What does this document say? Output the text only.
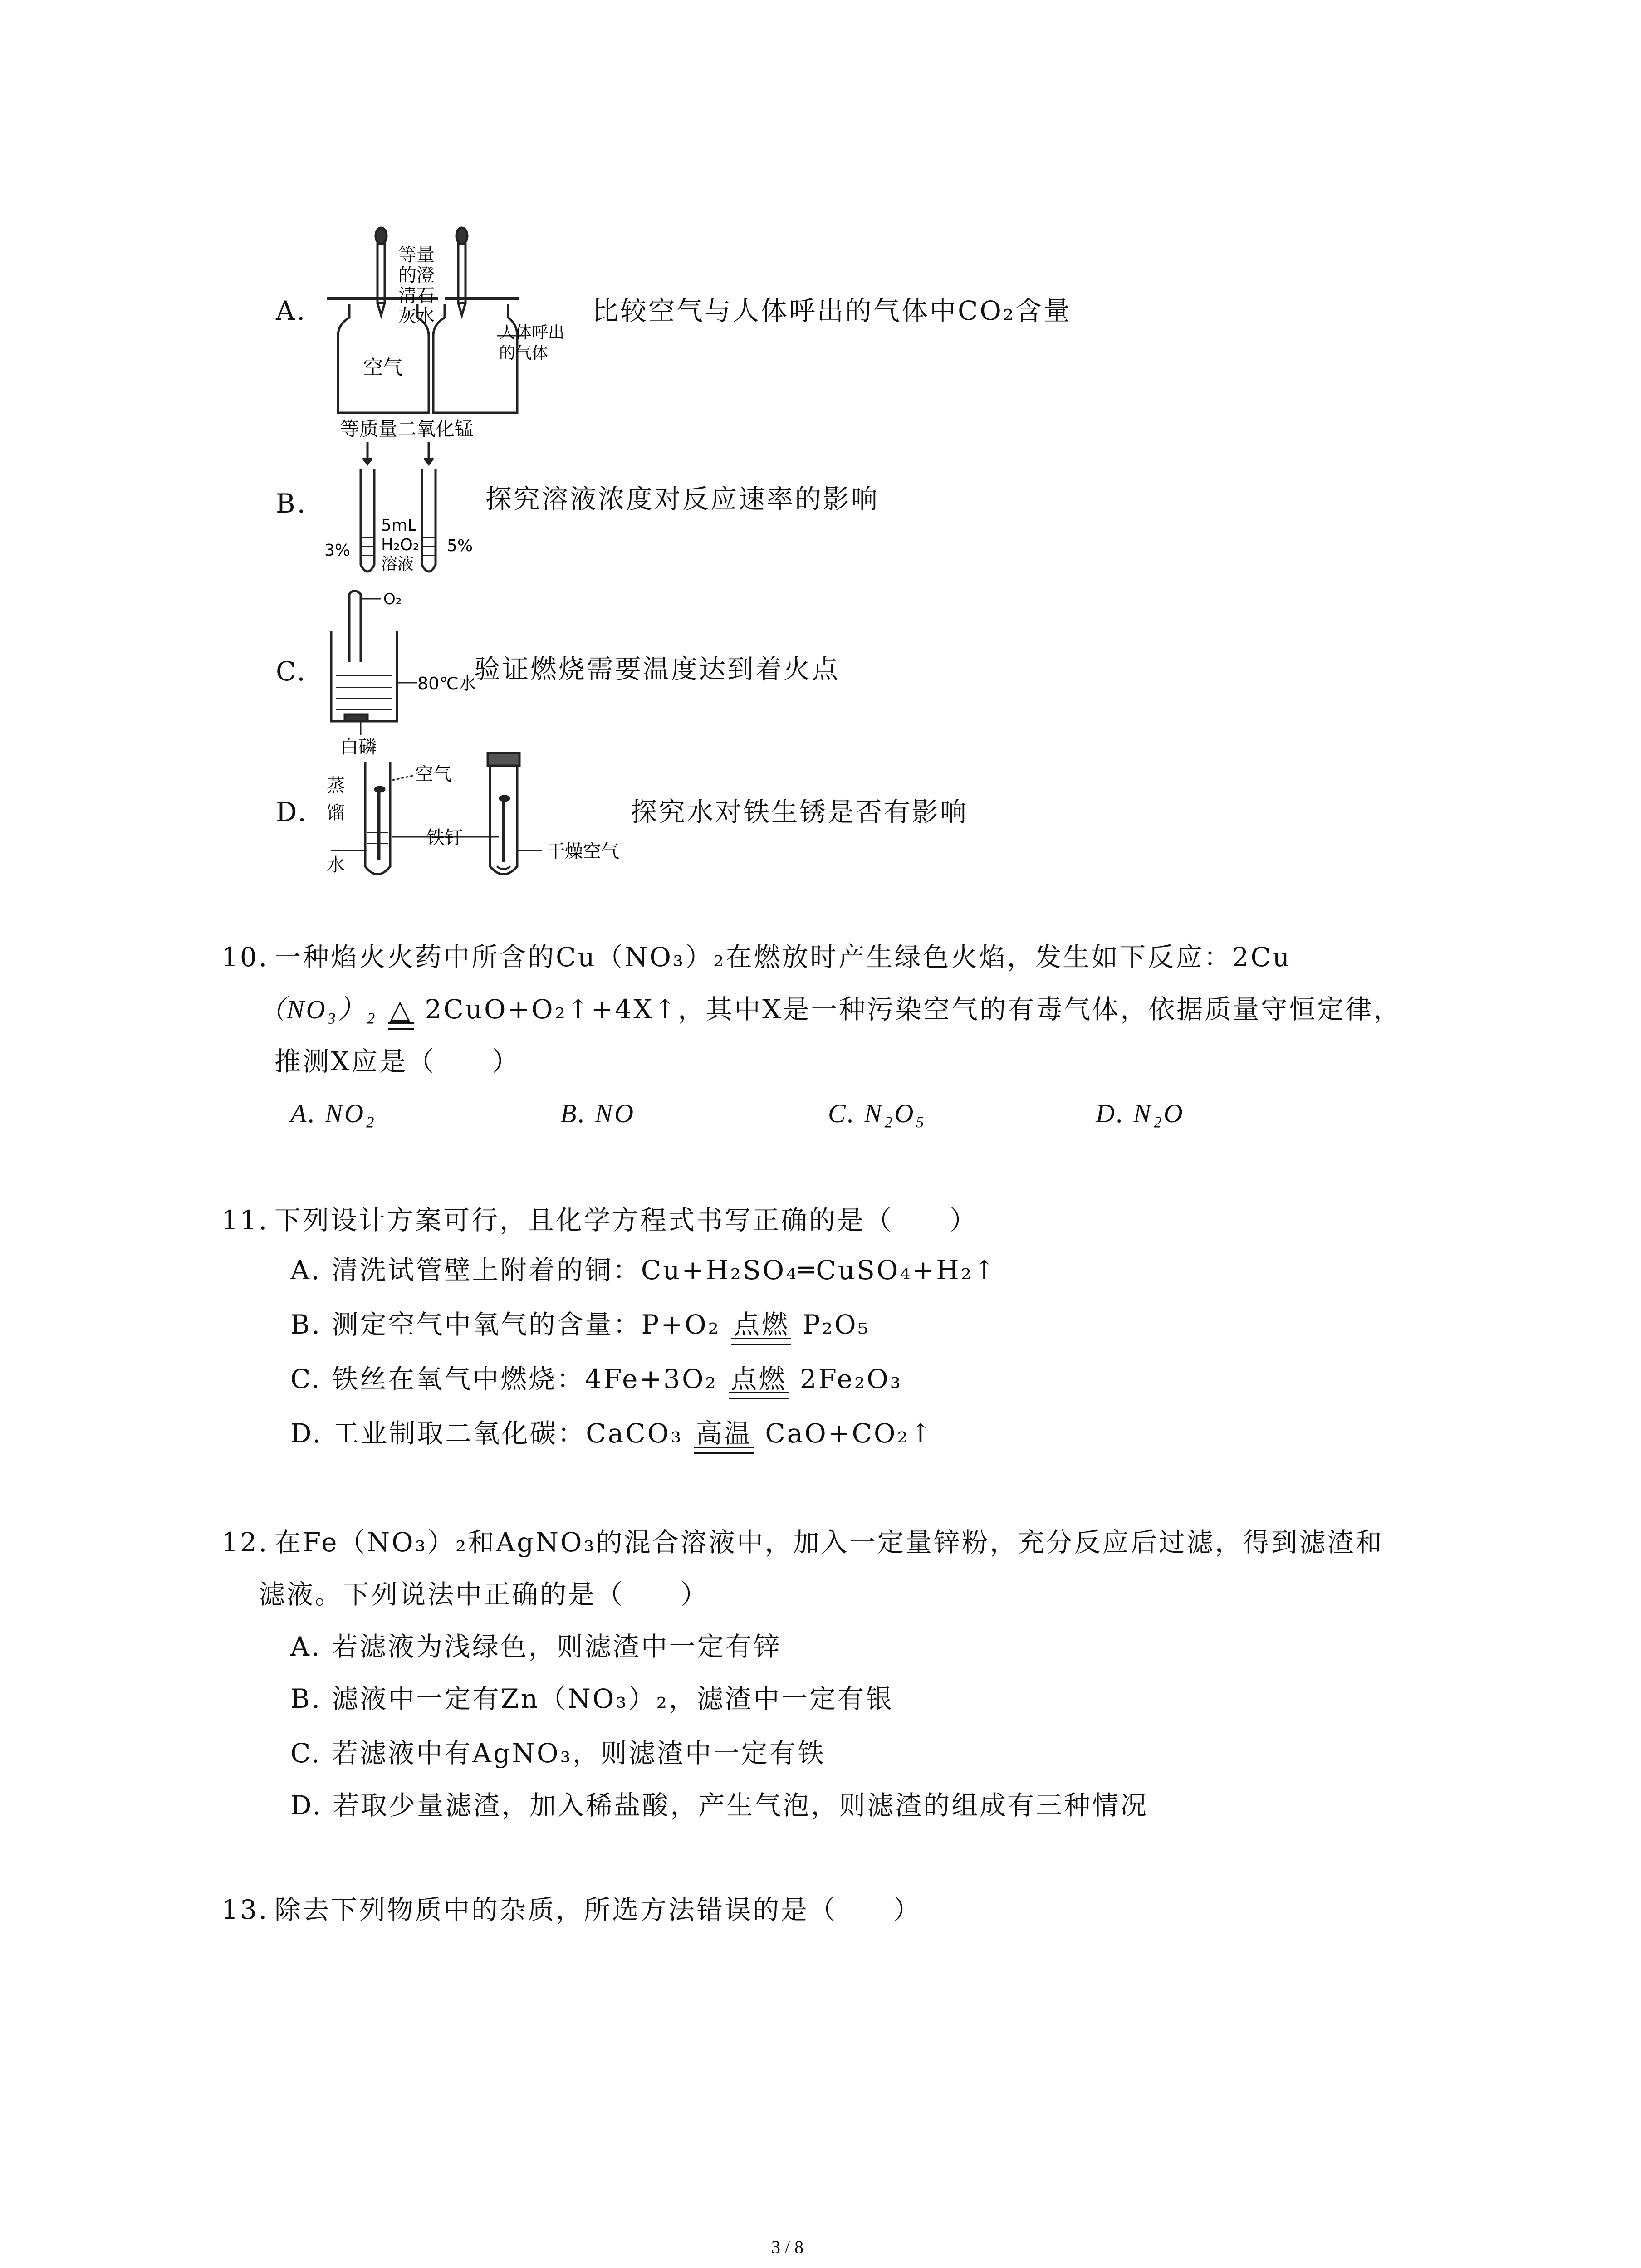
A.
等量
的澄
清石
灰水
空气
人体呼出
的气体
比较空气与人体呼出的气体中CO₂含量
B.
等质量二氧化锰
5mL
H₂O₂
溶液
3%	5%
探究溶液浓度对反应速率的影响
C.
O₂
80℃水
白磷
验证燃烧需要温度达到着火点
D.
蒸
馏
水
空气
铁钉
干燥空气
探究水对铁生锈是否有影响
10. 一种焰火火药中所含的Cu（NO₃）₂在燃放时产生绿色火焰，发生如下反应：2Cu
（NO₃）₂ △ 2CuO+O₂↑+4X↑，其中X是一种污染空气的有毒气体，依据质量守恒定律，
推测X应是（　　）
A. NO₂	B. NO	C. N₂O₅	D. N₂O
11. 下列设计方案可行，且化学方程式书写正确的是（　　）
A. 清洗试管壁上附着的铜：Cu+H₂SO₄═CuSO₄+H₂↑
B. 测定空气中氧气的含量：P+O₂ 点燃 P₂O₅
C. 铁丝在氧气中燃烧：4Fe+3O₂ 点燃 2Fe₂O₃
D. 工业制取二氧化碳：CaCO₃ 高温 CaO+CO₂↑
12. 在Fe（NO₃）₂和AgNO₃的混合溶液中，加入一定量锌粉，充分反应后过滤，得到滤渣和
滤液。下列说法中正确的是（　　）
A. 若滤液为浅绿色，则滤渣中一定有锌
B. 滤液中一定有Zn（NO₃）₂，滤渣中一定有银
C. 若滤液中有AgNO₃，则滤渣中一定有铁
D. 若取少量滤渣，加入稀盐酸，产生气泡，则滤渣的组成有三种情况
13. 除去下列物质中的杂质，所选方法错误的是（　　）
3 / 8
